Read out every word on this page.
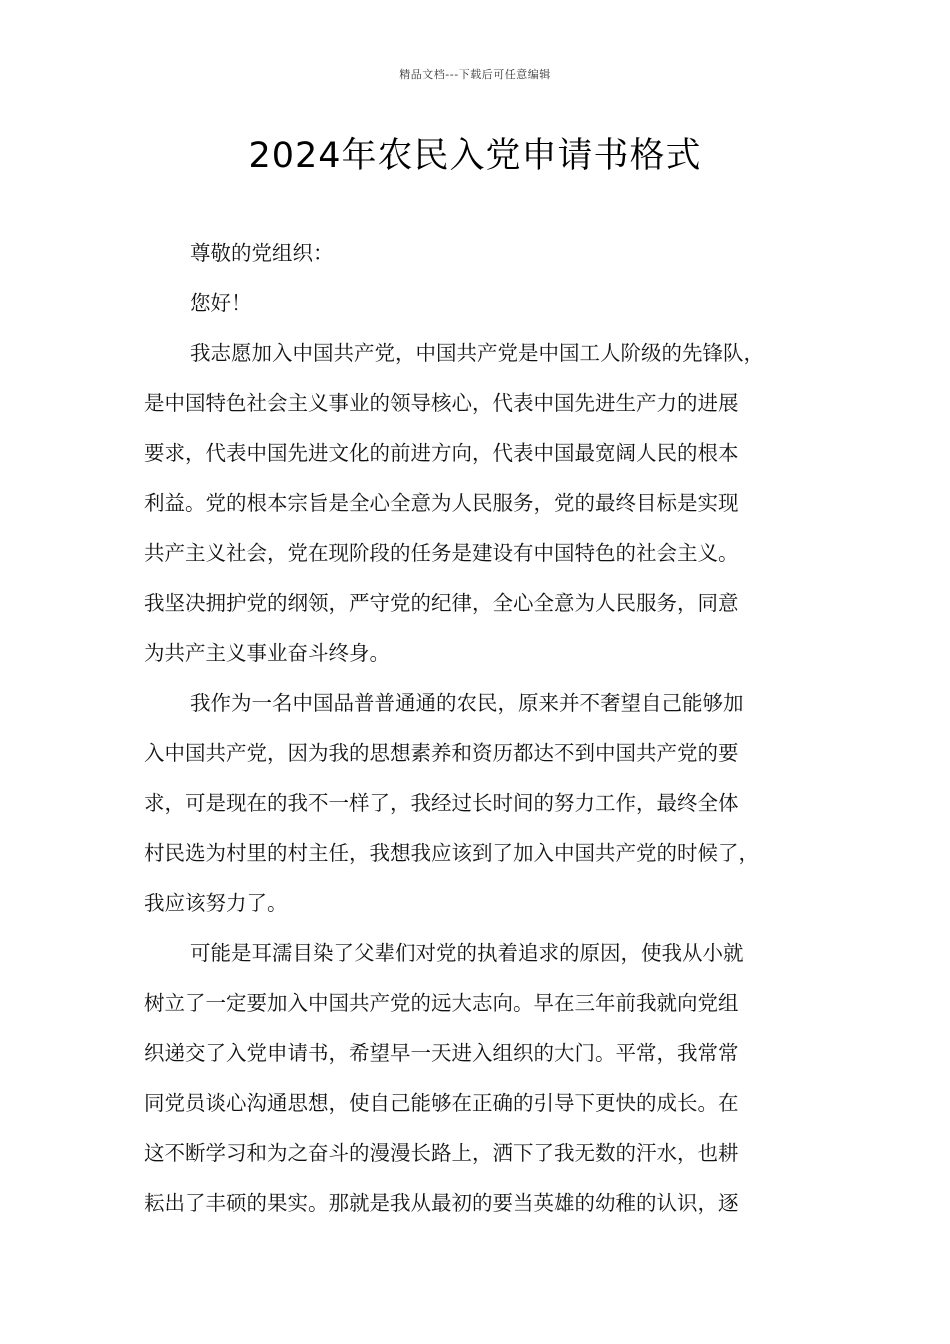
精品文档---下载后可任意编辑
2024年农民入党申请书格式
尊敬的党组织：
您好！
我志愿加入中国共产党，中国共产党是中国工人阶级的先锋队，
是中国特色社会主义事业的领导核心，代表中国先进生产力的进展
要求，代表中国先进文化的前进方向，代表中国最宽阔人民的根本
利益。党的根本宗旨是全心全意为人民服务，党的最终目标是实现
共产主义社会，党在现阶段的任务是建设有中国特色的社会主义。
我坚决拥护党的纲领，严守党的纪律，全心全意为人民服务，同意
为共产主义事业奋斗终身。
我作为一名中国品普普通通的农民，原来并不奢望自己能够加
入中国共产党，因为我的思想素养和资历都达不到中国共产党的要
求，可是现在的我不一样了，我经过长时间的努力工作，最终全体
村民选为村里的村主任，我想我应该到了加入中国共产党的时候了，
我应该努力了。
可能是耳濡目染了父辈们对党的执着追求的原因，使我从小就
树立了一定要加入中国共产党的远大志向。早在三年前我就向党组
织递交了入党申请书，希望早一天进入组织的大门。平常，我常常
同党员谈心沟通思想，使自己能够在正确的引导下更快的成长。在
这不断学习和为之奋斗的漫漫长路上，洒下了我无数的汗水，也耕
耘出了丰硕的果实。那就是我从最初的要当英雄的幼稚的认识，逐
